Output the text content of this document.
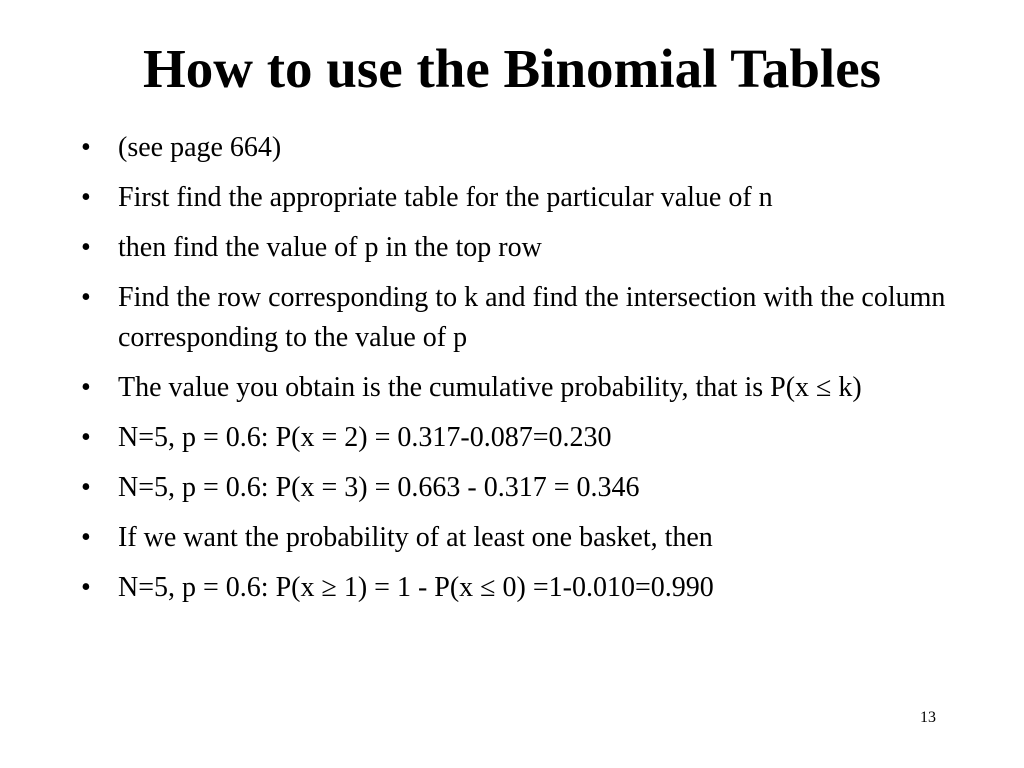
How to use the Binomial Tables
• (see page 664)
• First find the appropriate table for the particular value of n
• then find the value of p in the top row
• Find the row corresponding to k and find the intersection with the column corresponding to the value of p
• The value you obtain is the cumulative probability, that is P(x ≤ k)
• N=5, p = 0.6: P(x = 2) = 0.317-0.087=0.230
• N=5, p = 0.6: P(x = 3) = 0.663 - 0.317 = 0.346
• If we want the probability of at least one basket, then
• N=5, p = 0.6: P(x ≥ 1) = 1 - P(x ≤ 0) =1-0.010=0.990
13
